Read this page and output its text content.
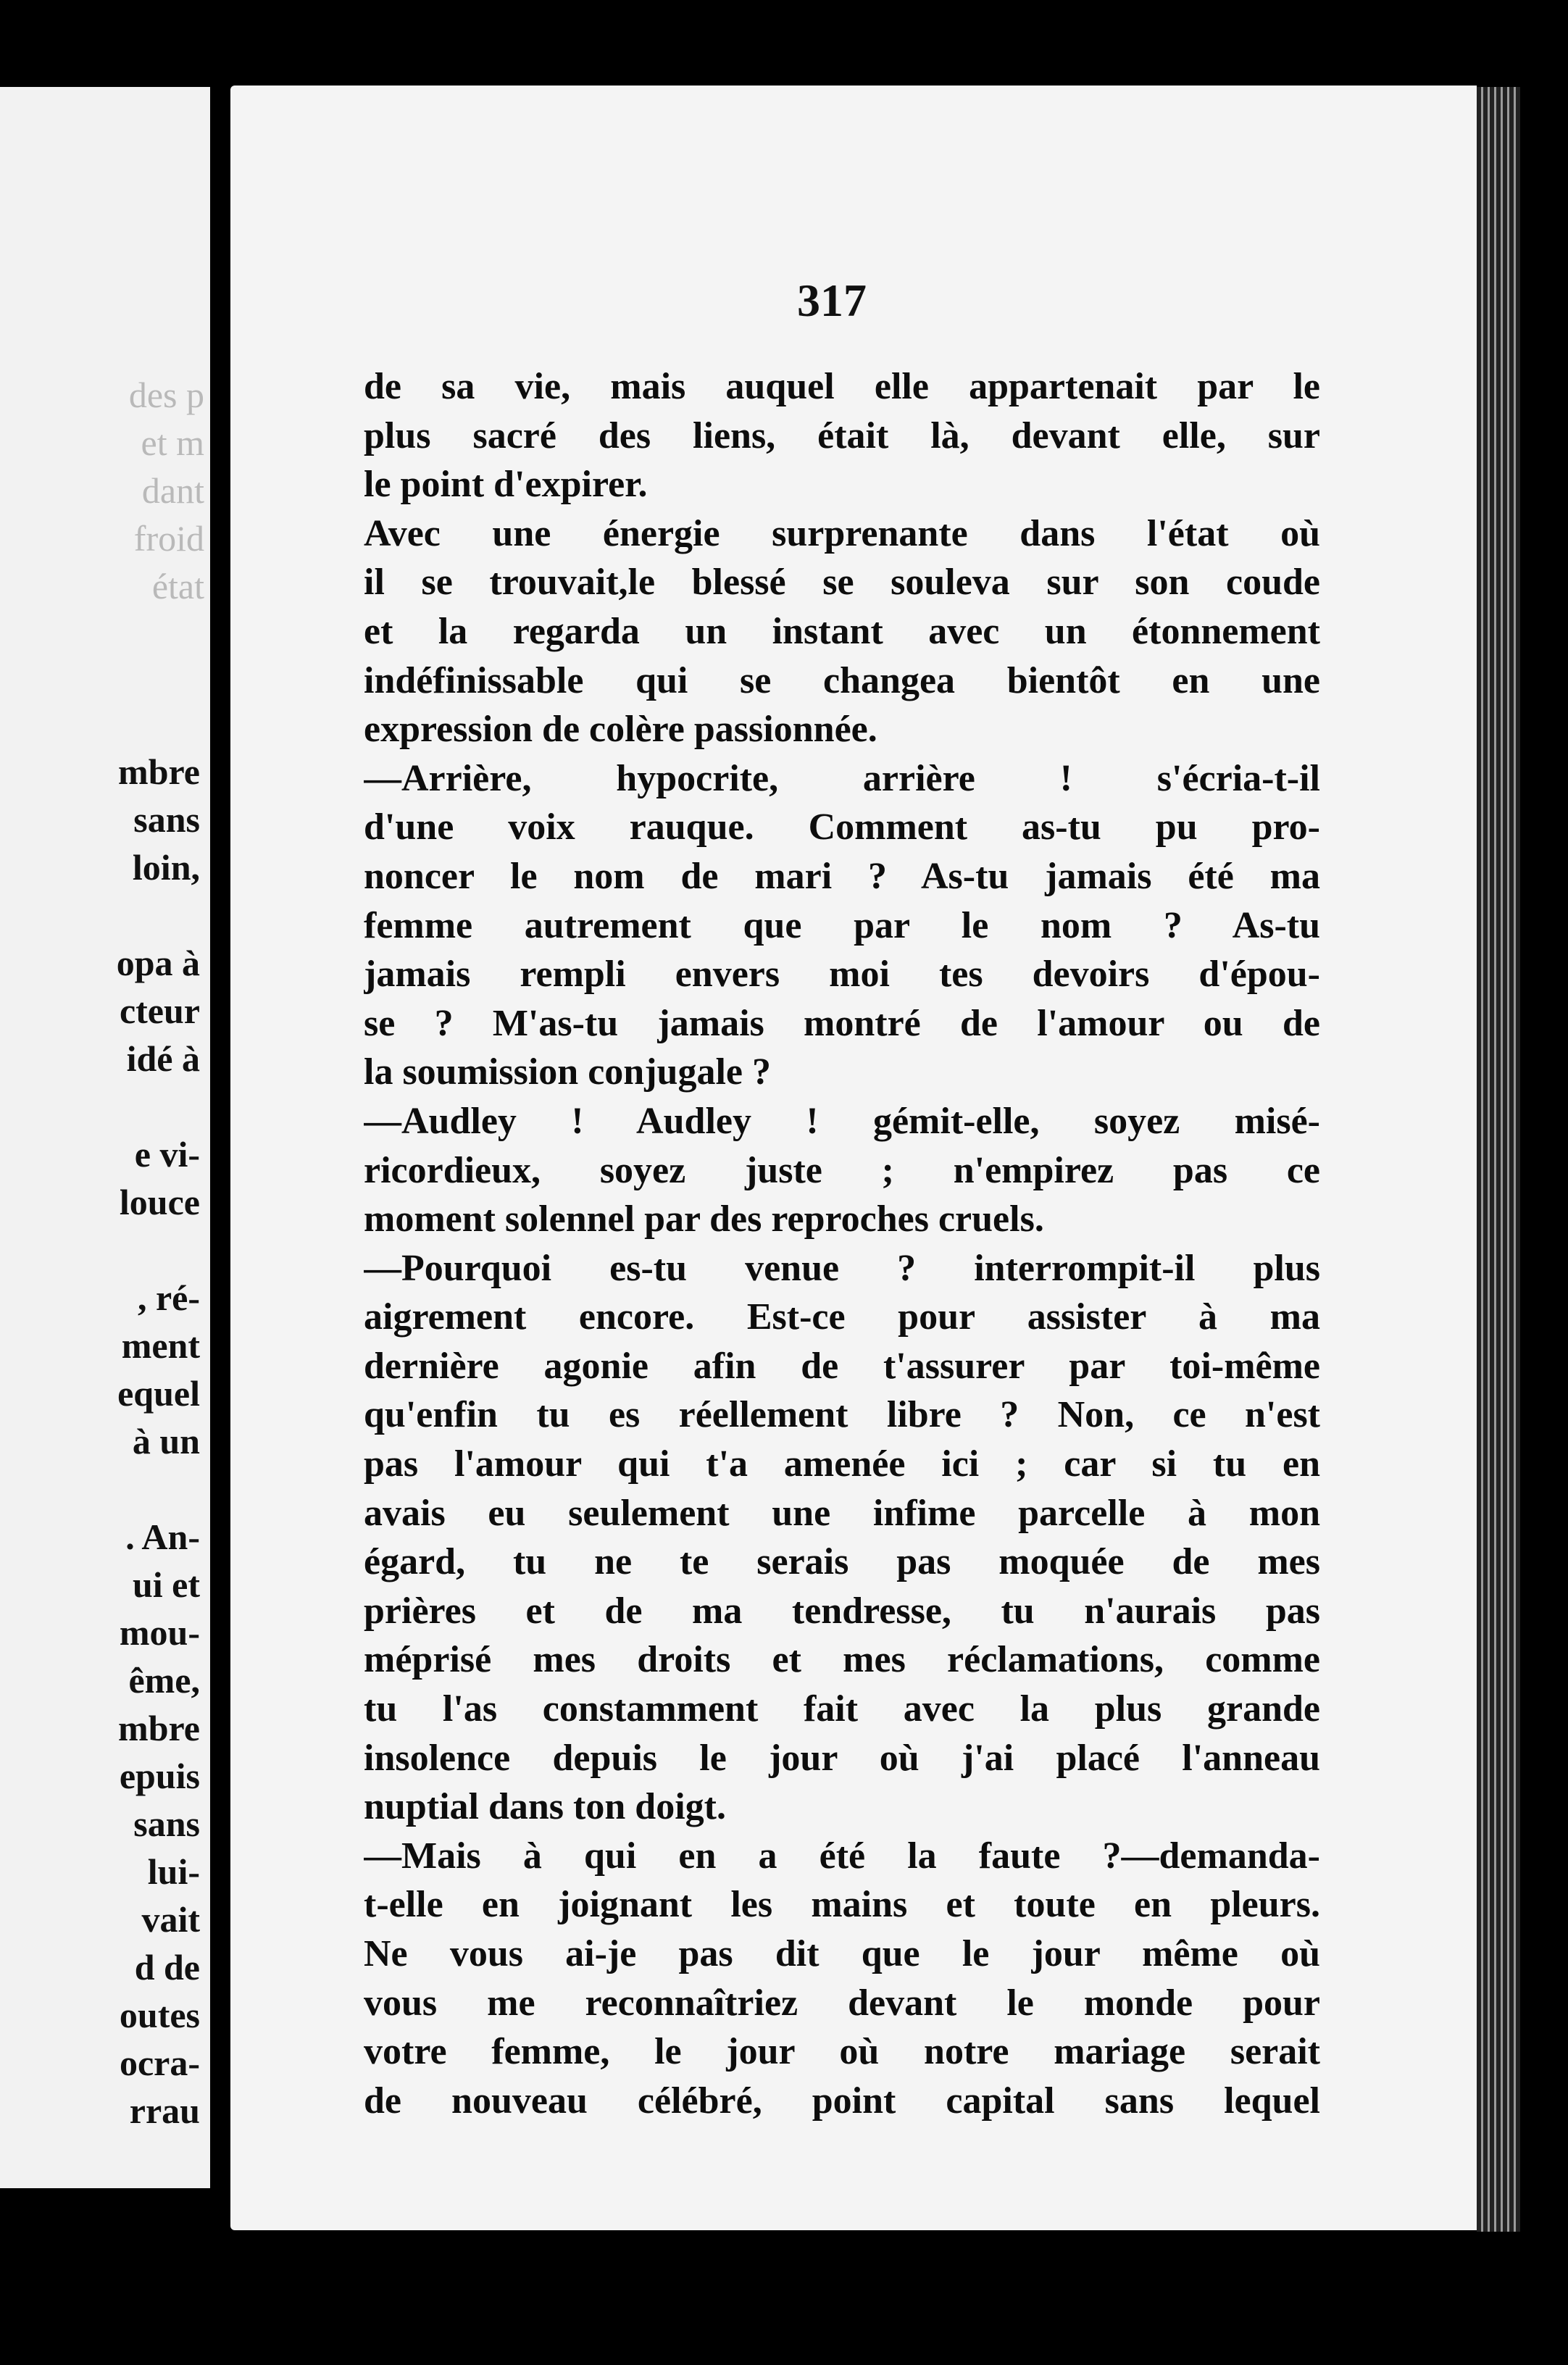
des p
et m
dant
froid
état
mbre
sans
loin,
opa à
cteur
idé à
e vi-
louce
, ré-
ment
equel
à un
. An-
ui et
mou-
ême,
mbre
epuis
sans
lui-
vait
d de
outes
ocra-
rrau
317
de sa vie, mais auquel elle appartenait par le
plus sacré des liens, était là, devant elle, sur
le point d'expirer.
Avec une énergie surprenante dans l'état où
il se trouvait,le blessé se souleva sur son coude
et la regarda un instant avec un étonnement
indéfinissable qui se changea bientôt en une
expression de colère passionnée.
—Arrière, hypocrite, arrière ! s'écria-t-il
d'une voix rauque. Comment as-tu pu pro-
noncer le nom de mari ? As-tu jamais été ma
femme autrement que par le nom ? As-tu
jamais rempli envers moi tes devoirs d'épou-
se ? M'as-tu jamais montré de l'amour ou de
la soumission conjugale ?
—Audley ! Audley ! gémit-elle, soyez misé-
ricordieux, soyez juste ; n'empirez pas ce
moment solennel par des reproches cruels.
—Pourquoi es-tu venue ? interrompit-il plus
aigrement encore. Est-ce pour assister à ma
dernière agonie afin de t'assurer par toi-même
qu'enfin tu es réellement libre ? Non, ce n'est
pas l'amour qui t'a amenée ici ; car si tu en
avais eu seulement une infime parcelle à mon
égard, tu ne te serais pas moquée de mes
prières et de ma tendresse, tu n'aurais pas
méprisé mes droits et mes réclamations, comme
tu l'as constamment fait avec la plus grande
insolence depuis le jour où j'ai placé l'anneau
nuptial dans ton doigt.
—Mais à qui en a été la faute ?—demanda-
t-elle en joignant les mains et toute en pleurs.
Ne vous ai-je pas dit que le jour même où
vous me reconnaîtriez devant le monde pour
votre femme, le jour où notre mariage serait
de nouveau célébré, point capital sans lequel
